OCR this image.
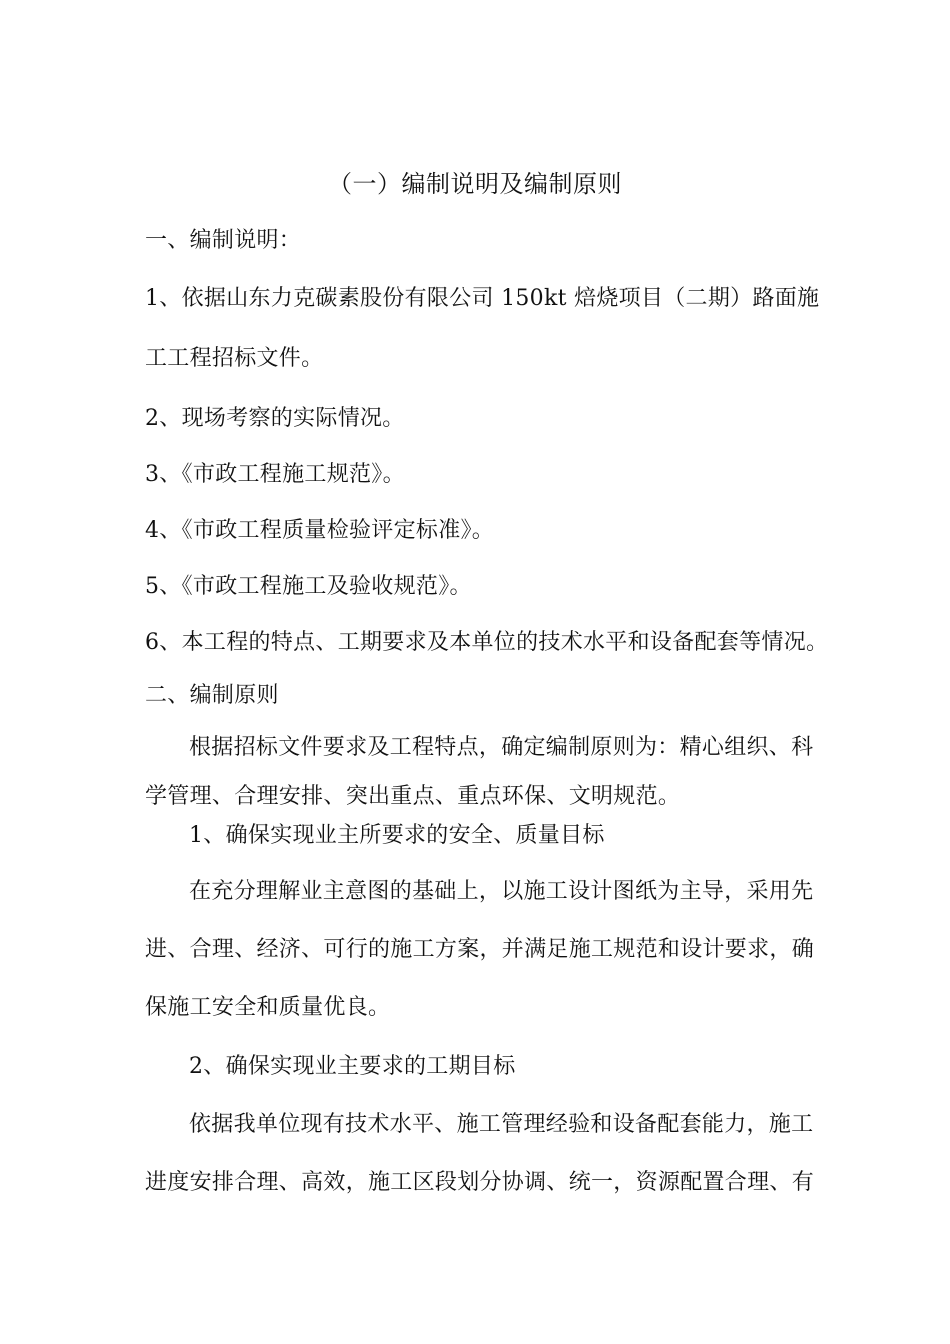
（一）编制说明及编制原则
一、编制说明：
1、依据山东力克碳素股份有限公司 150kt 焙烧项目（二期）路面施
工工程招标文件。
2、现场考察的实际情况。
3、《市政工程施工规范》。
4、《市政工程质量检验评定标准》。
5、《市政工程施工及验收规范》。
6、本工程的特点、工期要求及本单位的技术水平和设备配套等情况。
二、编制原则
根据招标文件要求及工程特点，确定编制原则为：精心组织、科
学管理、合理安排、突出重点、重点环保、文明规范。
1、确保实现业主所要求的安全、质量目标
在充分理解业主意图的基础上，以施工设计图纸为主导，采用先
进、合理、经济、可行的施工方案，并满足施工规范和设计要求，确
保施工安全和质量优良。
2、确保实现业主要求的工期目标
依据我单位现有技术水平、施工管理经验和设备配套能力，施工
进度安排合理、高效，施工区段划分协调、统一，资源配置合理、有
